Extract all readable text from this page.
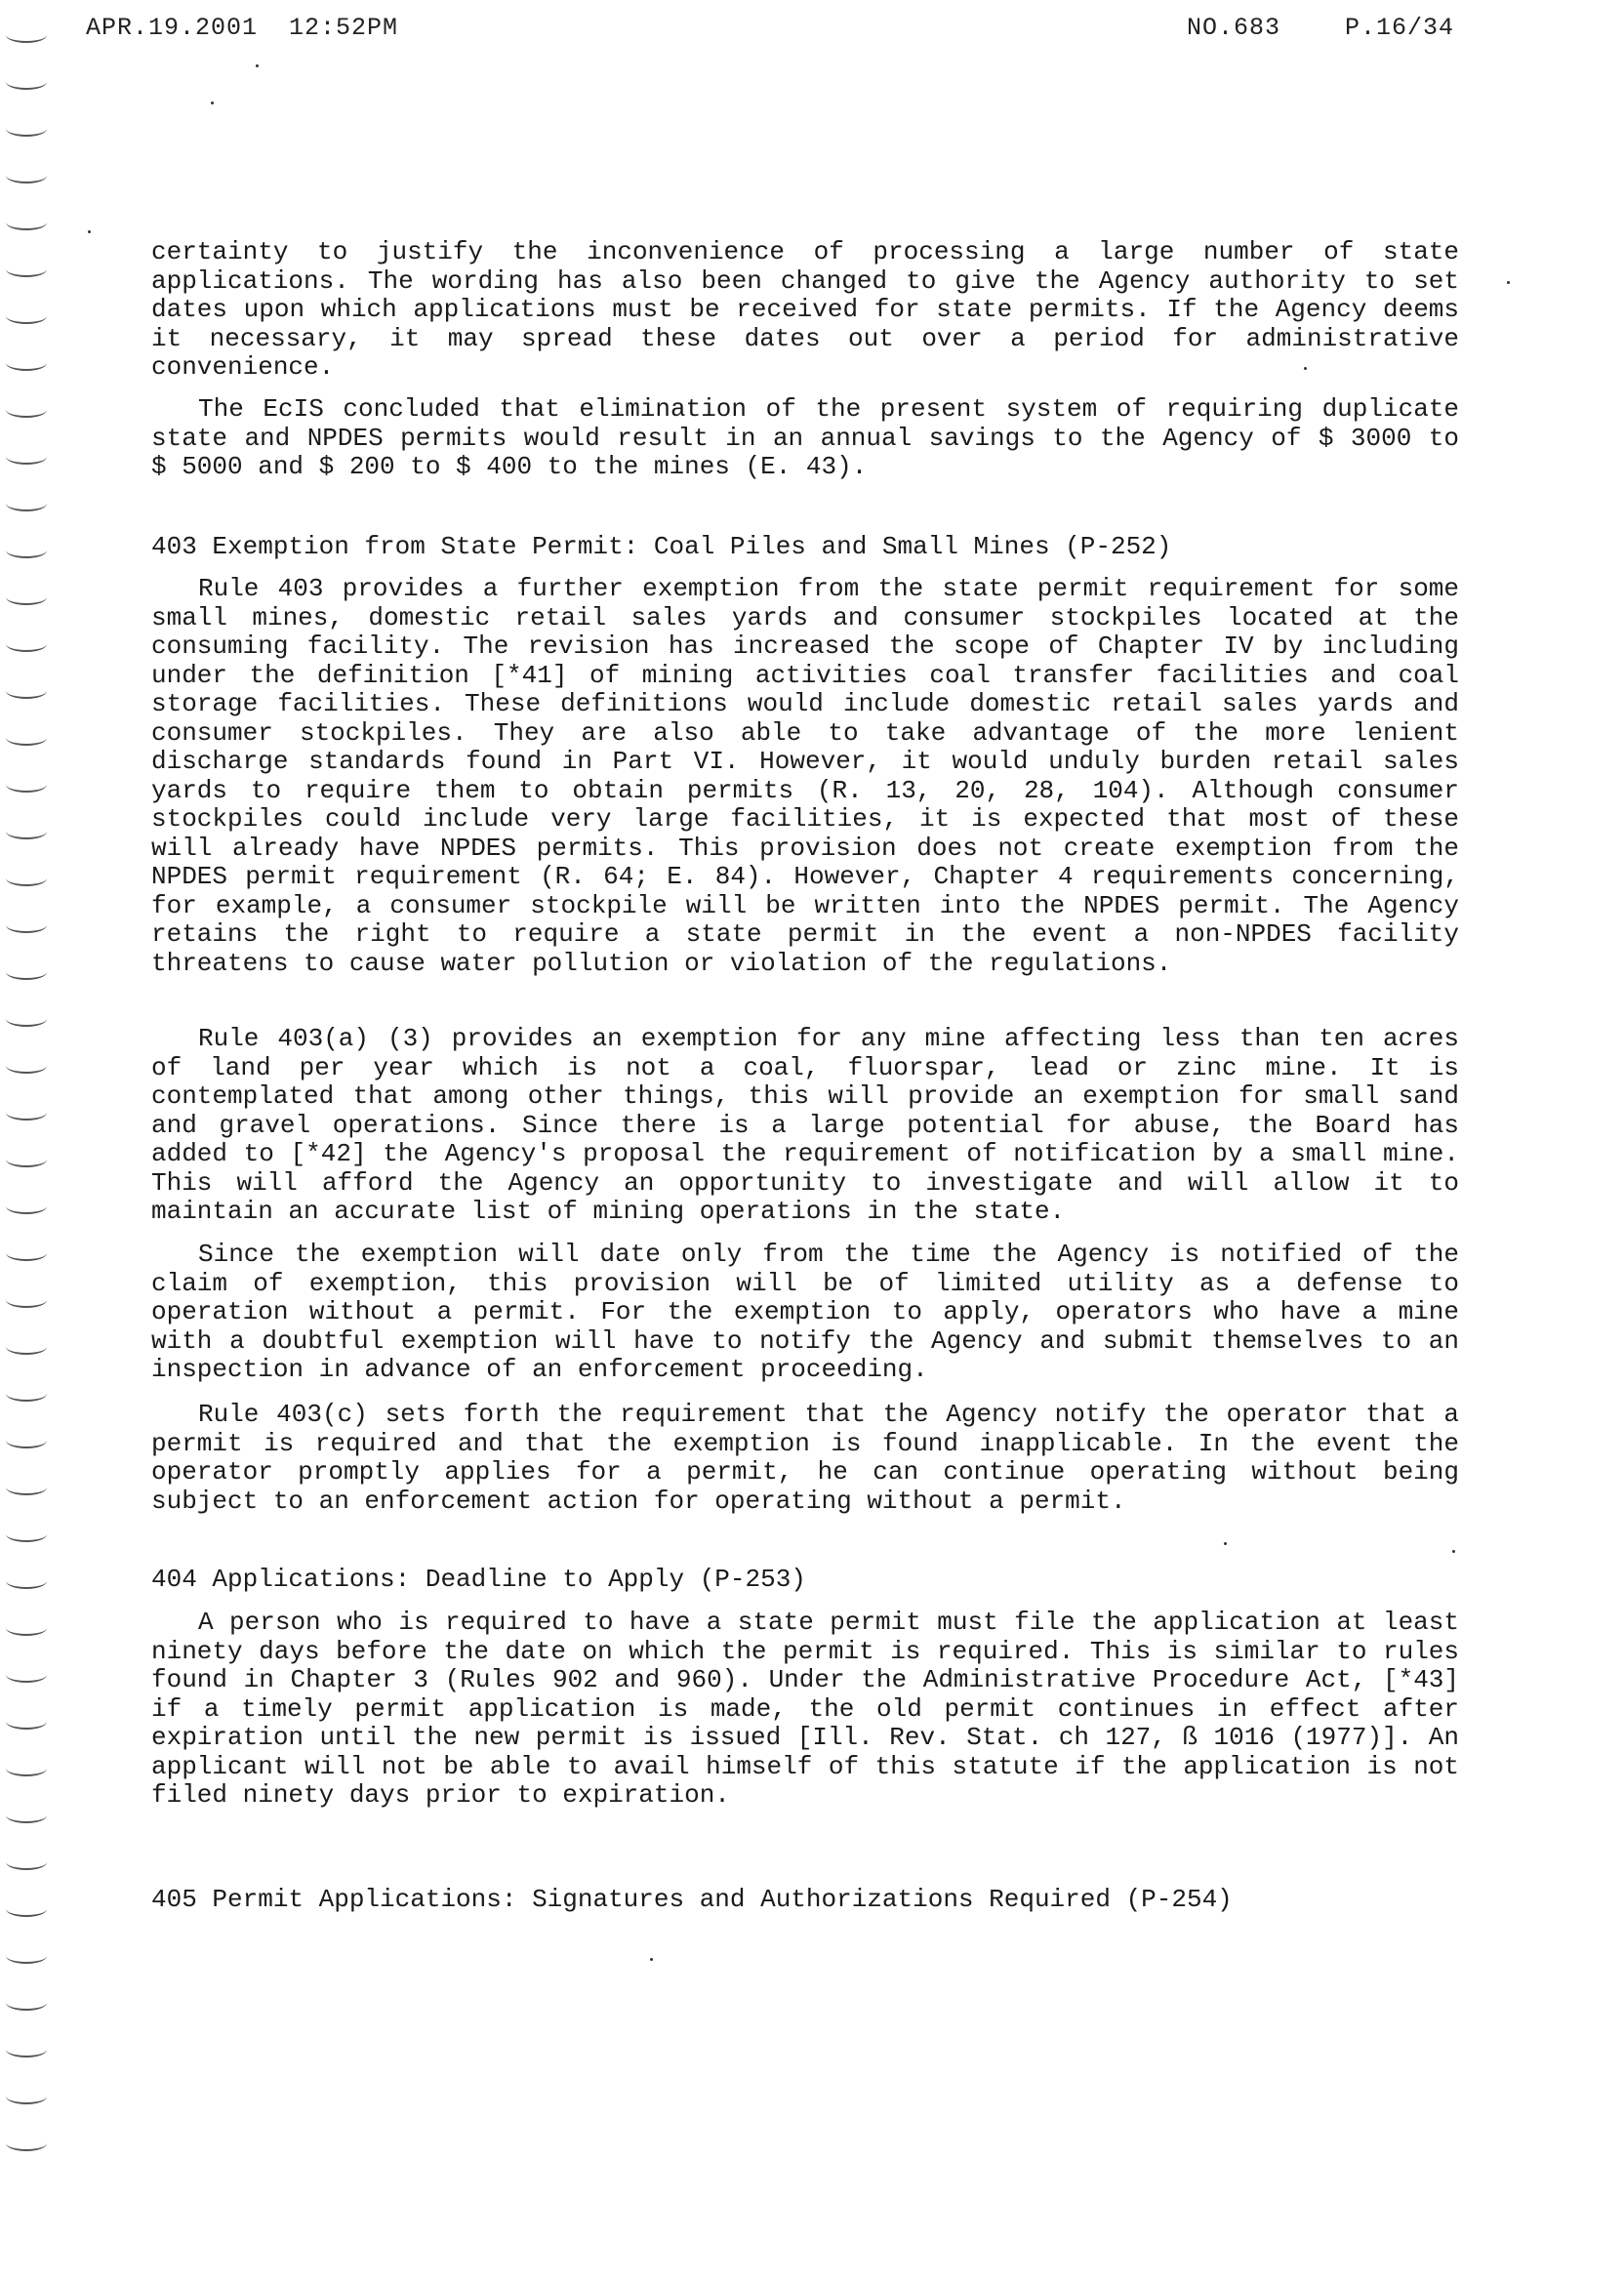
APR.19.2001  12:52PM	NO.683	P.16/34

certainty to justify the inconvenience of processing a large number of state applications. The wording has also been changed to give the Agency authority to set dates upon which applications must be received for state permits. If the Agency deems it necessary, it may spread these dates out over a period for administrative convenience.

The EcIS concluded that elimination of the present system of requiring duplicate state and NPDES permits would result in an annual savings to the Agency of $ 3000 to $ 5000 and $ 200 to $ 400 to the mines (E. 43).

403 Exemption from State Permit: Coal Piles and Small Mines (P-252)

Rule 403 provides a further exemption from the state permit requirement for some small mines, domestic retail sales yards and consumer stockpiles located at the consuming facility. The revision has increased the scope of Chapter IV by including under the definition [*41] of mining activities coal transfer facilities and coal storage facilities. These definitions would include domestic retail sales yards and consumer stockpiles. They are also able to take advantage of the more lenient discharge standards found in Part VI. However, it would unduly burden retail sales yards to require them to obtain permits (R. 13, 20, 28, 104). Although consumer stockpiles could include very large facilities, it is expected that most of these will already have NPDES permits. This provision does not create exemption from the NPDES permit requirement (R. 64; E. 84). However, Chapter 4 requirements concerning, for example, a consumer stockpile will be written into the NPDES permit. The Agency retains the right to require a state permit in the event a non-NPDES facility threatens to cause water pollution or violation of the regulations.

Rule 403(a) (3) provides an exemption for any mine affecting less than ten acres of land per year which is not a coal, fluorspar, lead or zinc mine. It is contemplated that among other things, this will provide an exemption for small sand and gravel operations. Since there is a large potential for abuse, the Board has added to [*42] the Agency's proposal the requirement of notification by a small mine. This will afford the Agency an opportunity to investigate and will allow it to maintain an accurate list of mining operations in the state.

Since the exemption will date only from the time the Agency is notified of the claim of exemption, this provision will be of limited utility as a defense to operation without a permit. For the exemption to apply, operators who have a mine with a doubtful exemption will have to notify the Agency and submit themselves to an inspection in advance of an enforcement proceeding.

Rule 403(c) sets forth the requirement that the Agency notify the operator that a permit is required and that the exemption is found inapplicable. In the event the operator promptly applies for a permit, he can continue operating without being subject to an enforcement action for operating without a permit.

404 Applications: Deadline to Apply (P-253)

A person who is required to have a state permit must file the application at least ninety days before the date on which the permit is required. This is similar to rules found in Chapter 3 (Rules 902 and 960). Under the Administrative Procedure Act, [*43] if a timely permit application is made, the old permit continues in effect after expiration until the new permit is issued [Ill. Rev. Stat. ch 127, ß 1016 (1977)]. An applicant will not be able to avail himself of this statute if the application is not filed ninety days prior to expiration.

405 Permit Applications: Signatures and Authorizations Required (P-254)
